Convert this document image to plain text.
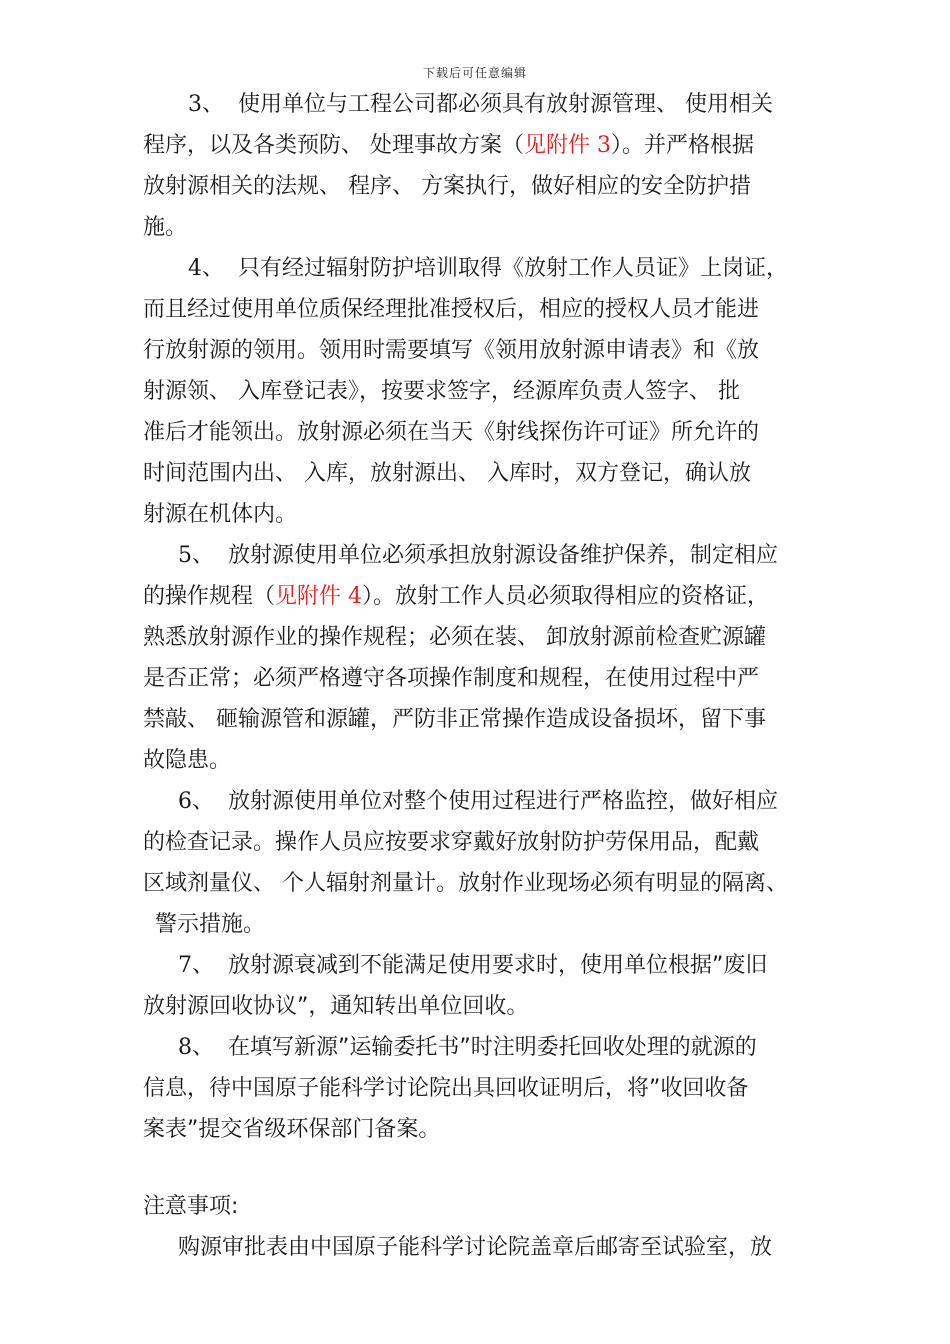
下载后可任意编辑
3、 使用单位与工程公司都必须具有放射源管理、 使用相关
程序，以及各类预防、 处理事故方案（见附件 3）。并严格根据
放射源相关的法规、 程序、 方案执行，做好相应的安全防护措
施。
4、 只有经过辐射防护培训取得《放射工作人员证》上岗证，
而且经过使用单位质保经理批准授权后，相应的授权人员才能进
行放射源的领用。领用时需要填写《领用放射源申请表》和《放
射源领、 入库登记表》，按要求签字，经源库负责人签字、 批
准后才能领出。放射源必须在当天《射线探伤许可证》所允许的
时间范围内出、 入库，放射源出、 入库时，双方登记，确认放
射源在机体内。
5、 放射源使用单位必须承担放射源设备维护保养，制定相应
的操作规程（见附件 4）。放射工作人员必须取得相应的资格证，
熟悉放射源作业的操作规程；必须在装、 卸放射源前检查贮源罐
是否正常；必须严格遵守各项操作制度和规程，在使用过程中严
禁敲、 砸输源管和源罐，严防非正常操作造成设备损坏，留下事
故隐患。
6、 放射源使用单位对整个使用过程进行严格监控，做好相应
的检查记录。操作人员应按要求穿戴好放射防护劳保用品，配戴
区域剂量仪、 个人辐射剂量计。放射作业现场必须有明显的隔离、
警示措施。
7、 放射源衰减到不能满足使用要求时，使用单位根据”废旧
放射源回收协议”，通知转出单位回收。
8、 在填写新源”运输委托书”时注明委托回收处理的就源的
信息，待中国原子能科学讨论院出具回收证明后，将”收回收备
案表”提交省级环保部门备案。
注意事项:
购源审批表由中国原子能科学讨论院盖章后邮寄至试验室，放
